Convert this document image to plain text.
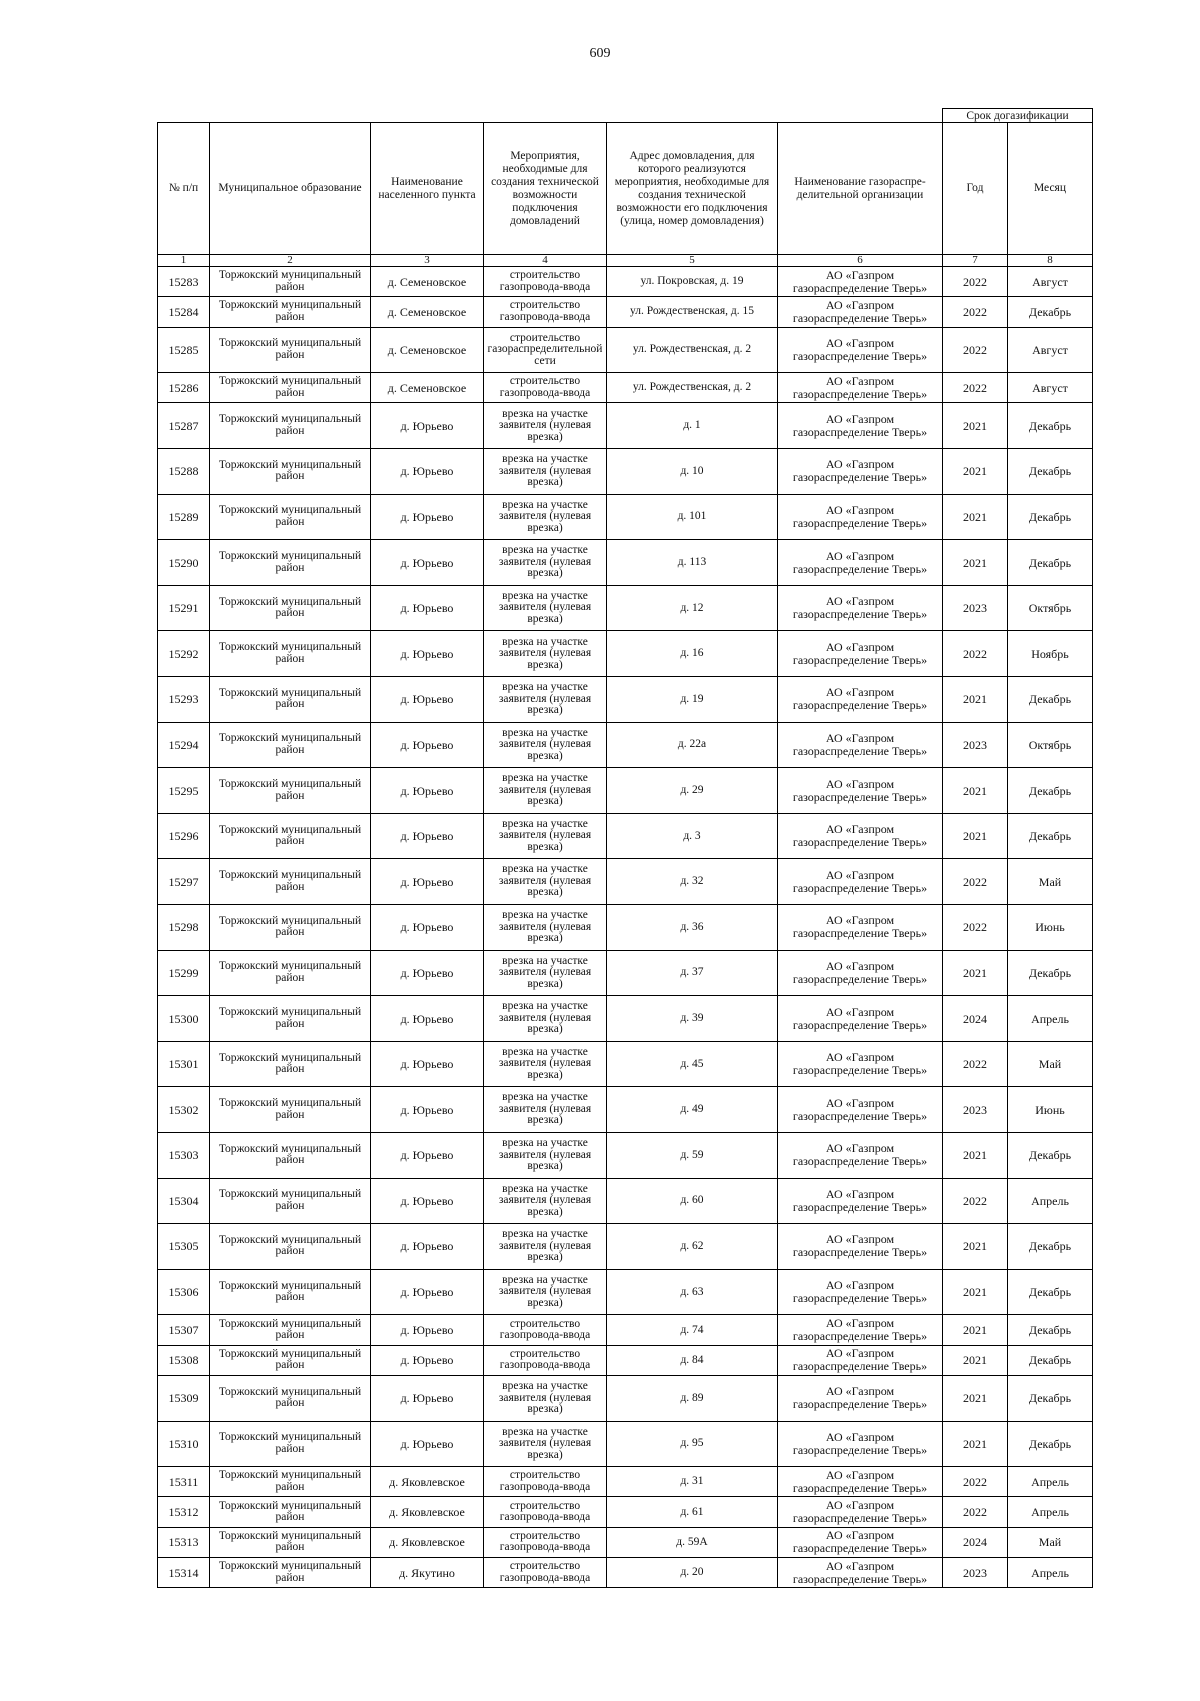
609
						Срок догазификации	
№ п/п	Муниципальное образование	Наименование населенного пункта	Мероприятия, необходимые для создания технической возможности подключения домовладений	Адрес домовладения, для которого реализуются мероприятия, необходимые для создания технической возможности его подключения (улица, номер домовладения)	Наименование газораспре-делительной организации	Год	Месяц
1	2	3	4	5	6	7	8
15283	Торжокский муниципальный район	д. Семеновское	строительство газопровода-ввода	ул. Покровская, д. 19	АО «Газпром газораспределение Тверь»	2022	Август
15284	Торжокский муниципальный район	д. Семеновское	строительство газопровода-ввода	ул. Рождественская, д. 15	АО «Газпром газораспределение Тверь»	2022	Декабрь
15285	Торжокский муниципальный район	д. Семеновское	строительство газораспределительной сети	ул. Рождественская, д. 2	АО «Газпром газораспределение Тверь»	2022	Август
15286	Торжокский муниципальный район	д. Семеновское	строительство газопровода-ввода	ул. Рождественская, д. 2	АО «Газпром газораспределение Тверь»	2022	Август
15287	Торжокский муниципальный район	д. Юрьево	врезка на участке заявителя (нулевая врезка)	д. 1	АО «Газпром газораспределение Тверь»	2021	Декабрь
15288	Торжокский муниципальный район	д. Юрьево	врезка на участке заявителя (нулевая врезка)	д. 10	АО «Газпром газораспределение Тверь»	2021	Декабрь
15289	Торжокский муниципальный район	д. Юрьево	врезка на участке заявителя (нулевая врезка)	д. 101	АО «Газпром газораспределение Тверь»	2021	Декабрь
15290	Торжокский муниципальный район	д. Юрьево	врезка на участке заявителя (нулевая врезка)	д. 113	АО «Газпром газораспределение Тверь»	2021	Декабрь
15291	Торжокский муниципальный район	д. Юрьево	врезка на участке заявителя (нулевая врезка)	д. 12	АО «Газпром газораспределение Тверь»	2023	Октябрь
15292	Торжокский муниципальный район	д. Юрьево	врезка на участке заявителя (нулевая врезка)	д. 16	АО «Газпром газораспределение Тверь»	2022	Ноябрь
15293	Торжокский муниципальный район	д. Юрьево	врезка на участке заявителя (нулевая врезка)	д. 19	АО «Газпром газораспределение Тверь»	2021	Декабрь
15294	Торжокский муниципальный район	д. Юрьево	врезка на участке заявителя (нулевая врезка)	д. 22а	АО «Газпром газораспределение Тверь»	2023	Октябрь
15295	Торжокский муниципальный район	д. Юрьево	врезка на участке заявителя (нулевая врезка)	д. 29	АО «Газпром газораспределение Тверь»	2021	Декабрь
15296	Торжокский муниципальный район	д. Юрьево	врезка на участке заявителя (нулевая врезка)	д. 3	АО «Газпром газораспределение Тверь»	2021	Декабрь
15297	Торжокский муниципальный район	д. Юрьево	врезка на участке заявителя (нулевая врезка)	д. 32	АО «Газпром газораспределение Тверь»	2022	Май
15298	Торжокский муниципальный район	д. Юрьево	врезка на участке заявителя (нулевая врезка)	д. 36	АО «Газпром газораспределение Тверь»	2022	Июнь
15299	Торжокский муниципальный район	д. Юрьево	врезка на участке заявителя (нулевая врезка)	д. 37	АО «Газпром газораспределение Тверь»	2021	Декабрь
15300	Торжокский муниципальный район	д. Юрьево	врезка на участке заявителя (нулевая врезка)	д. 39	АО «Газпром газораспределение Тверь»	2024	Апрель
15301	Торжокский муниципальный район	д. Юрьево	врезка на участке заявителя (нулевая врезка)	д. 45	АО «Газпром газораспределение Тверь»	2022	Май
15302	Торжокский муниципальный район	д. Юрьево	врезка на участке заявителя (нулевая врезка)	д. 49	АО «Газпром газораспределение Тверь»	2023	Июнь
15303	Торжокский муниципальный район	д. Юрьево	врезка на участке заявителя (нулевая врезка)	д. 59	АО «Газпром газораспределение Тверь»	2021	Декабрь
15304	Торжокский муниципальный район	д. Юрьево	врезка на участке заявителя (нулевая врезка)	д. 60	АО «Газпром газораспределение Тверь»	2022	Апрель
15305	Торжокский муниципальный район	д. Юрьево	врезка на участке заявителя (нулевая врезка)	д. 62	АО «Газпром газораспределение Тверь»	2021	Декабрь
15306	Торжокский муниципальный район	д. Юрьево	врезка на участке заявителя (нулевая врезка)	д. 63	АО «Газпром газораспределение Тверь»	2021	Декабрь
15307	Торжокский муниципальный район	д. Юрьево	строительство газопровода-ввода	д. 74	АО «Газпром газораспределение Тверь»	2021	Декабрь
15308	Торжокский муниципальный район	д. Юрьево	строительство газопровода-ввода	д. 84	АО «Газпром газораспределение Тверь»	2021	Декабрь
15309	Торжокский муниципальный район	д. Юрьево	врезка на участке заявителя (нулевая врезка)	д. 89	АО «Газпром газораспределение Тверь»	2021	Декабрь
15310	Торжокский муниципальный район	д. Юрьево	врезка на участке заявителя (нулевая врезка)	д. 95	АО «Газпром газораспределение Тверь»	2021	Декабрь
15311	Торжокский муниципальный район	д. Яковлевское	строительство газопровода-ввода	д. 31	АО «Газпром газораспределение Тверь»	2022	Апрель
15312	Торжокский муниципальный район	д. Яковлевское	строительство газопровода-ввода	д. 61	АО «Газпром газораспределение Тверь»	2022	Апрель
15313	Торжокский муниципальный район	д. Яковлевское	строительство газопровода-ввода	д. 59А	АО «Газпром газораспределение Тверь»	2024	Май
15314	Торжокский муниципальный район	д. Якутино	строительство газопровода-ввода	д. 20	АО «Газпром газораспределение Тверь»	2023	Апрель
